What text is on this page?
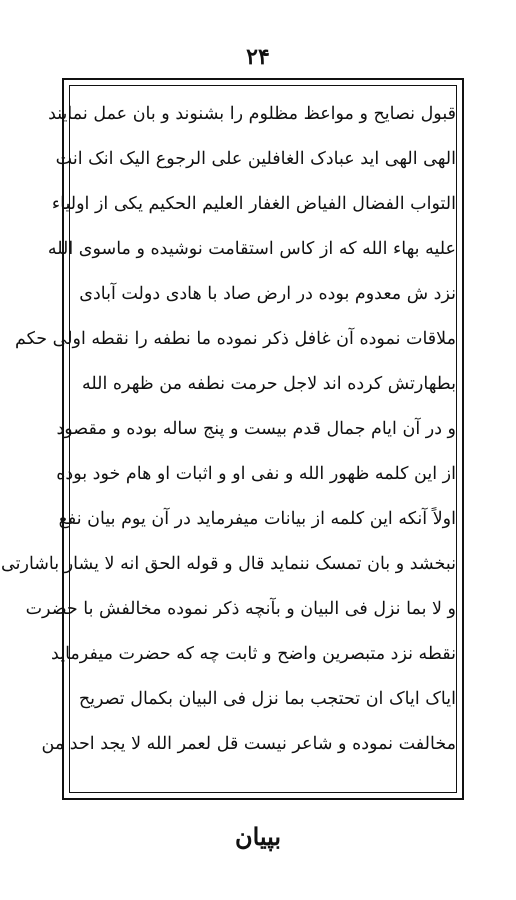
۲۴
قبول نصایح و مواعظ مظلوم را بشنوند و بان عمل نمایند
الهی الهی اید عبادک الغافلین علی الرجوع الیک انک انت
التواب الفضال الفیاض الغفار العلیم الحکیم یکی از اولیاء
علیه بهاء الله که از کاس استقامت نوشیده و ماسوی الله
نزد ش معدوم بوده در ارض صاد با هادی دولت آبادی
ملاقات نموده آن غافل ذکر نموده ما نطفه را نقطه اولی حکم
بطهارتش کرده اند لاجل حرمت نطفه من ظهره الله
و در آن ایام جمال قدم بیست و پنج ساله بوده و مقصود
از این کلمه ظهور الله و نفی او و اثبات او هام خود بوده
اولاً آنکه این کلمه از بیانات میفرماید در آن یوم بیان نفع
نبخشد و بان تمسک ننماید قال و قوله الحق انه لا یشار باشارتی
و لا بما نزل فی البیان و بآنچه ذکر نموده مخالفش با حضرت
نقطه نزد متبصرین واضح و ثابت چه که حضرت میفرماید
ایاک ایاک ان تحتجب بما نزل فی البیان بکمال تصریح
مخالفت نموده و شاعر نیست قل لعمر الله لا یجد احد من
بپیان
